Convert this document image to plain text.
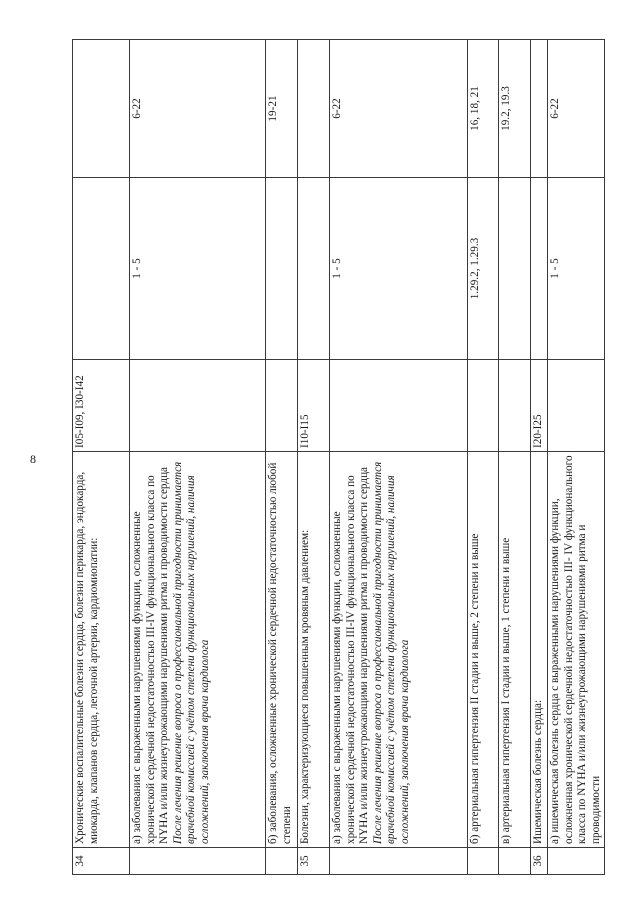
8
34	Хронические воспалительные болезни сердца, болезни перикарда, эндокарда, миокарда, клапанов сердца, легочной артерии, кардиомиопатии:	I05-I09, I30-I42		
	а) заболевания с выраженными нарушениями функции, осложненные хронической сердечной недостаточностью III-IV функционального класса по NYHA и/или жизнеугрожающими нарушениями ритма и проводимости сердца После лечения решение вопроса о профессиональной пригодности принимается врачебной комиссией с учётом степени функциональных нарушений, наличия осложнений, заключения врача кардиолога		1 - 5	6-22
	б) заболевания, осложненные хронической сердечной недостаточностью любой степени			19-21
35	Болезни, характеризующиеся повышенным кровяным давлением:	I10-I15		
	а) заболевания с выраженными нарушениями функции, осложненные хронической сердечной недостаточностью III-IV функционального класса по NYHA и/или жизнеугрожающими нарушениями ритма и проводимости сердца После лечения решение вопроса о профессиональной пригодности принимается врачебной комиссией с учётом степени функциональных нарушений, наличия осложнений, заключения врача кардиолога		1 - 5	6-22
	б) артериальная гипертензия II стадии и выше, 2 степени и выше		1.29.2, 1.29.3	16, 18, 21
	в) артериальная гипертензия I стадии и выше, 1 степени и выше			19.2, 19.3
36	Ишемическая болезнь сердца:	I20-I25		
	а) ишемическая болезнь сердца с выраженными нарушениями функции, осложненная хронической сердечной недостаточностью III- IV функционального класса по NYHA и/или жизнеугрожающими нарушениями ритма и проводимости		1 - 5	6-22
